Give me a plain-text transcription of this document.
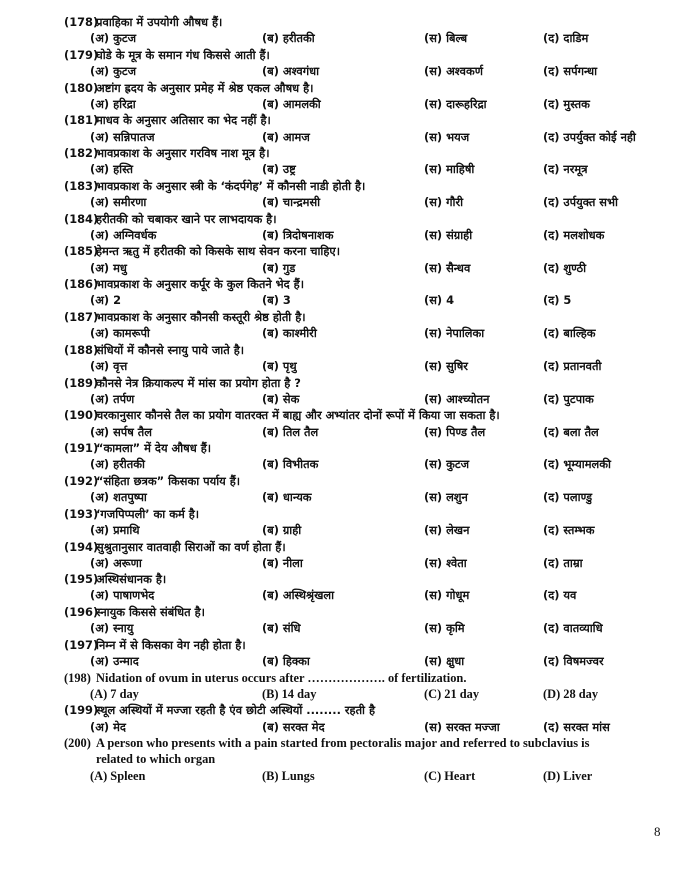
(178)
प्रवाहिका में उपयोगी औषध हैं।
(अ) कुटज	(ब) हरीतकी	(स) बिल्ब	(द) दाडिम
(179)
घोडे के मूत्र के समान गंध किससे आती हैं।
(अ) कुटज	(ब) अश्वगंधा	(स) अश्वकर्ण	(द) सर्पगन्धा
(180)
अष्टांग ह्रदय के अनुसार प्रमेह में श्रेष्ठ एकल औषध है।
(अ) हरिद्रा	(ब) आमलकी	(स) दारूहरिद्रा	(द) मुस्तक
(181)
माधव के अनुसार अतिसार का भेद नहीं है।
(अ) सन्निपातज	(ब) आमज	(स) भयज	(द) उपर्युक्त कोई नही
(182)
भावप्रकाश के अनुसार गरविष नाश मूत्र है।
(अ) हस्ति	(ब) उष्ट्र	(स) माहिषी	(द) नरमूत्र
(183)
भावप्रकाश के अनुसार स्त्री के ‘कंदर्पगेह’ में कौनसी नाडी होती है।
(अ) समीरणा	(ब) चान्द्रमसी	(स) गौरी	(द) उर्पयुक्त सभी
(184)
हरीतकी को चबाकर खाने पर लाभदायक है।
(अ) अग्निवर्धक	(ब) त्रिदोषनाशक	(स) संग्राही	(द) मलशोधक
(185)
हेमन्त ऋतु में हरीतकी को किसके साथ सेवन करना चाहिए।
(अ) मधु	(ब) गुड	(स) सैन्धव	(द) शुण्ठी
(186)
भावप्रकाश के अनुसार कर्पूर के कुल कितने भेद हैं।
(अ) 2	(ब) 3	(स) 4	(द) 5
(187)
भावप्रकाश के अनुसार कौनसी कस्तूरी श्रेष्ठ होती है।
(अ) कामरूपी	(ब) काश्मीरी	(स) नेपालिका	(द) बाल्हिक
(188)
संधियों में कौनसे स्नायु पाये जाते है।
(अ) वृत्त	(ब) पृथु	(स) सुषिर	(द) प्रतानवती
(189)
कौनसे नेत्र क्रियाकल्प में मांस का प्रयोग होता है ?
(अ) तर्पण	(ब) सेक	(स) आश्च्योतन	(द) पुटपाक
(190)
चरकानुसार कौनसे तैल का प्रयोग वातरक्त में बाह्य और अभ्यांतर दोनों रूपों में किया जा सकता है।
(अ) सर्पष तैल	(ब) तिल तैल	(स) पिण्ड तैल	(द) बला तैल
(191)
“कामला” में देय औषध हैं।
(अ) हरीतकी	(ब) विभीतक	(स) कुटज	(द) भूम्यामलकी
(192)
“संहिता छत्रक” किसका पर्याय हैं।
(अ) शतपुष्पा	(ब) धान्यक	(स) लशुन	(द) पलाण्डु
(193)
‘गजपिप्पली’ का कर्म है।
(अ) प्रमाथि	(ब) ग्राही	(स) लेखन	(द) स्तम्भक
(194)
सुश्रुतानुसार वातवाही सिराओं का वर्ण होता हैं।
(अ) अरूणा	(ब) नीला	(स) श्वेता	(द) ताम्रा
(195)
अस्थिसंधानक है।
(अ) पाषाणभेद	(ब) अस्थिश्रृंखला	(स) गोधूम	(द) यव
(196)
स्नायुक किससे संबंधित है।
(अ) स्नायु	(ब) संधि	(स) कृमि	(द) वातव्याधि
(197)
निम्न में से किसका वेग नही होता है।
(अ) उन्माद	(ब) हिक्का	(स) क्षुधा	(द) विषमज्वर
(198) Nidation of ovum in uterus occurs after ………………. of fertilization.
(A) 7 day	(B) 14 day	(C) 21 day	(D) 28 day
(199)
स्थूल अस्थियों में मज्जा रहती है एंव छोटी अस्थियों ........ रहती है
(अ) मेद	(ब) सरक्त मेद	(स) सरक्त मज्जा	(द) सरक्त मांस
(200) A person who presents with a pain started from pectoralis major and referred to subclavius is
related to which organ
(A) Spleen	(B) Lungs	(C) Heart	(D) Liver
8
